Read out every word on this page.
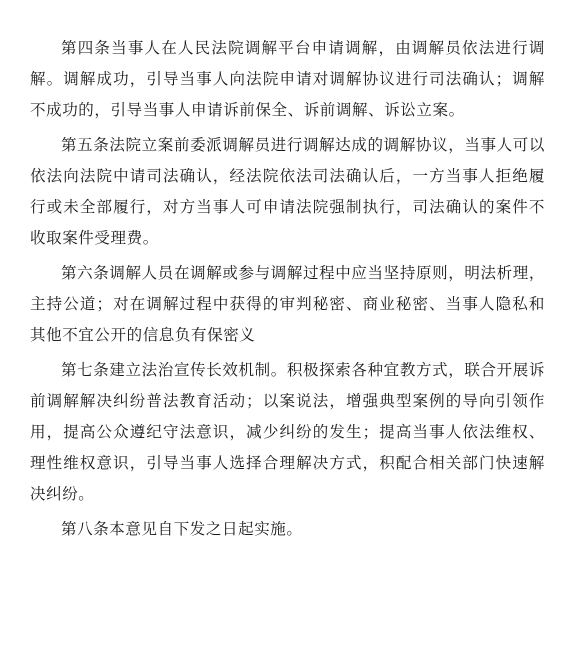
第四条当事人在人民法院调解平台申请调解，由调解员依法进行调解。调解成功，引导当事人向法院申请对调解协议进行司法确认；调解不成功的，引导当事人申请诉前保全、诉前调解、诉讼立案。

第五条法院立案前委派调解员进行调解达成的调解协议，当事人可以依法向法院中请司法确认，经法院依法司法确认后，一方当事人拒绝履行或未全部履行，对方当事人可申请法院强制执行，司法确认的案件不收取案件受理费。

第六条调解人员在调解或参与调解过程中应当坚持原则，明法析理，主持公道；对在调解过程中获得的审判秘密、商业秘密、当事人隐私和其他不宜公开的信息负有保密义

第七条建立法治宣传长效机制。积极探索各种宜教方式，联合开展诉前调解解决纠纷普法教育活动；以案说法，增强典型案例的导向引领作用，提高公众遵纪守法意识，减少纠纷的发生；提高当事人依法维权、理性维权意识，引导当事人选择合理解决方式，积配合相关部门快速解决纠纷。

第八条本意见自下发之日起实施。
